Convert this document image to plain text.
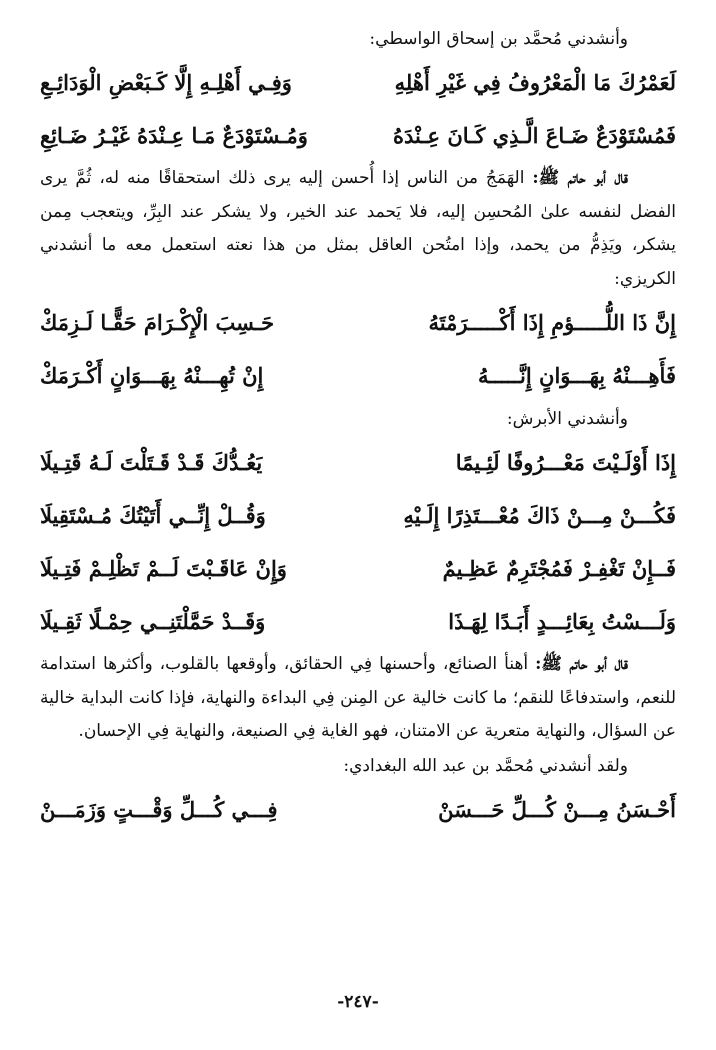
وأنشدني مُحمَّد بن إسحاق الواسطي:

لَعَمْرُكَ مَا الْمَعْرُوفُ فِي غَيْرِ أَهْلِهِ
وَفِـي أَهْلِـهِ إِلَّا كَـبَعْضِ الْوَدَائِـعِ
فَمُسْتَوْدَعٌ ضَـاعَ الَّـذِي كَـانَ عِـنْدَهُ
وَمُـسْتَوْدَعٌ مَـا عِـنْدَهُ غَيْـرُ ضَـائِعِ

قال أبو حاتم ﷺ: الهَمَجُ من الناس إذا أُحسن إليه يرى ذلك استحقاقًا منه له، ثُمَّ يرى الفضل لنفسه علىٰ المُحسِن إليه، فلا يَحمد عند الخير، ولا يشكر عند البِرِّ، ويتعجب مِمن يشكر، ويَذِمُّ من يحمد، وإذا امتُحن العاقل بمثل من هذا نعته استعمل معه ما أنشدني الكريزي:

إِنَّ ذَا اللُّـــــؤمِ إِذَا أَكْـــــرَمْتَهُ
حَـسِبَ الْإِكْـرَامَ حَقًّـا لَـزِمَكْ
فَأَهِـــنْهُ بِهَـــوَانٍ إِنَّـــــهُ
إِنْ تُهِـــنْهُ بِهَـــوَانٍ أَكْـرَمَكْ

وأنشدني الأبرش:

إِذَا أَوْلَـيْتَ مَعْـــرُوفًا لَئِـيمًا
يَعُـدُّكَ قَـدْ قَـتَلْتَ لَـهُ قَتِـيلَا
فَكُـــنْ مِـــنْ ذَاكَ مُعْـــتَذِرًا إِلَـيْهِ
وَقُــلْ إِنِّــي أَتَيْتُكَ مُـسْتَقِيلَا
فَــإِنْ تَغْفِـرْ فَمُجْتَرِمٌ عَظِـيمٌ
وَإِنْ عَاقَـبْتَ لَــمْ تَظْلِـمْ فَتِـيلَا
وَلَـــسْتُ بِعَائِـــدٍ أَبَـدًا لِهَـذَا
وَقَــدْ حَمَّلْتَنِــي حِمْـلًا ثَقِـيلَا

قال أبو حاتم ﷺ: أهنأ الصنائع، وأحسنها فِي الحقائق، وأوقعها بالقلوب، وأكثرها استدامة للنعم، واستدفاعًا للنقم؛ ما كانت خالية عن المِنن فِي البداءة والنهاية، فإذا كانت البداية خالية عن السؤال، والنهاية متعرية عن الامتنان، فهو الغاية فِي الصنيعة، والنهاية فِي الإحسان.

ولقد أنشدني مُحمَّد بن عبد الله البغدادي:

أَحْـسَنُ مِـــنْ كُـــلِّ حَـــسَنْ
فِـــي كُـــلِّ وَقْـــتٍ وَزَمَـــنْ
-٢٤٧-
